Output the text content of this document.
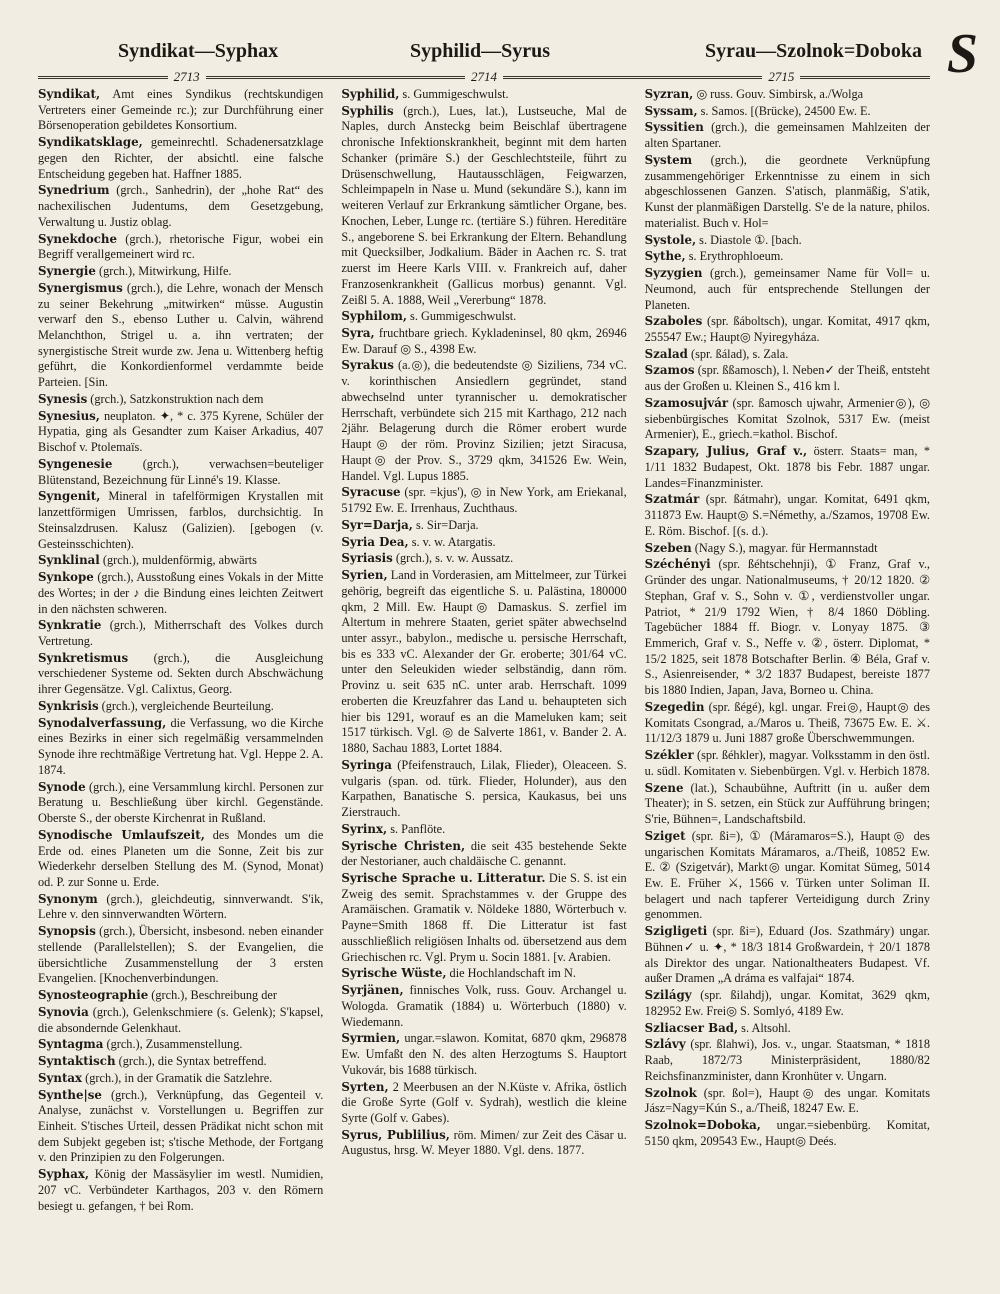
S
Syndikat—Syphax	Syphilid—Syrus	Syrau—Szolnok=Doboka
2713	2714	2715

Syndikat, Amt eines Syndikus (rechtskundigen Vertreters einer Gemeinde rc.); zur Durchführung einer Börsenoperation gebildetes Konsortium.

Syndikatsklage, gemeinrechtl. Schadenersatzklage gegen den Richter, der absichtl. eine falsche Entscheidung gegeben hat. Haffner 1885.

Synedrium (grch., Sanhedrin), der „hohe Rat“ des nachexilischen Judentums, dem Gesetzgebung, Verwaltung u. Justiz oblag.

Synekdoche (grch.), rhetorische Figur, wobei ein Begriff verallgemeinert wird rc.

Synergie (grch.), Mitwirkung, Hilfe.

Synergismus (grch.), die Lehre, wonach der Mensch zu seiner Bekehrung „mitwirken“ müsse. Augustin verwarf den S., ebenso Luther u. Calvin, während Melanchthon, Strigel u. a. ihn vertraten; der synergistische Streit wurde zw. Jena u. Wittenberg heftig geführt, die Konkordienformel verdammte beide Parteien. [Sin.

Synesis (grch.), Satzkonstruktion nach dem

Synesius, neuplaton. ✦, * c. 375 Kyrene, Schüler der Hypatia, ging als Gesandter zum Kaiser Arkadius, 407 Bischof v. Ptolemaïs.

Syngenesie (grch.), verwachsen=beuteliger Blütenstand, Bezeichnung für Linné's 19. Klasse.

Syngenit, Mineral in tafelförmigen Krystallen mit lanzettförmigen Umrissen, farblos, durchsichtig. In Steinsalzdrusen. Kalusz (Galizien). [gebogen (v. Gesteinsschichten).

Synklinal (grch.), muldenförmig, abwärts

Synkope (grch.), Ausstoßung eines Vokals in der Mitte des Wortes; in der ♪ die Bindung eines leichten Zeitwert in den nächsten schweren.

Synkratie (grch.), Mitherrschaft des Volkes durch Vertretung.

Synkretismus (grch.), die Ausgleichung verschiedener Systeme od. Sekten durch Abschwächung ihrer Gegensätze. Vgl. Calixtus, Georg.

Synkrisis (grch.), vergleichende Beurteilung.

Synodalverfassung, die Verfassung, wo die Kirche eines Bezirks in einer sich regelmäßig versammelnden Synode ihre rechtmäßige Vertretung hat. Vgl. Heppe 2. A. 1874.

Synode (grch.), eine Versammlung kirchl. Personen zur Beratung u. Beschließung über kirchl. Gegenstände. Oberste S., der oberste Kirchenrat in Rußland.

Synodische Umlaufszeit, des Mondes um die Erde od. eines Planeten um die Sonne, Zeit bis zur Wiederkehr derselben Stellung des M. (Synod, Monat) od. P. zur Sonne u. Erde.

Synonym (grch.), gleichdeutig, sinnverwandt. S'ik, Lehre v. den sinnverwandten Wörtern.

Synopsis (grch.), Übersicht, insbesond. neben einander stellende (Parallelstellen); S. der Evangelien, die übersichtliche Zusammenstellung der 3 ersten Evangelien. [Knochenverbindungen.

Synosteographie (grch.), Beschreibung der

Synovia (grch.), Gelenkschmiere (s. Gelenk); S'kapsel, die absondernde Gelenkhaut.

Syntagma (grch.), Zusammenstellung.

Syntaktisch (grch.), die Syntax betreffend.

Syntax (grch.), in der Gramatik die Satzlehre.

Synthe|se (grch.), Verknüpfung, das Gegenteil v. Analyse, zunächst v. Vorstellungen u. Begriffen zur Einheit. S'tisches Urteil, dessen Prädikat nicht schon mit dem Subjekt gegeben ist; s'tische Methode, der Fortgang v. den Prinzipien zu den Folgerungen.

Syphax, König der Massäsylier im westl. Numidien, 207 vC. Verbündeter Karthagos, 203 v. den Römern besiegt u. gefangen, † bei Rom.

Syphilid, s. Gummigeschwulst.

Syphilis (grch.), Lues, lat.), Lustseuche, Mal de Naples, durch Ansteckg beim Beischlaf übertragene chronische Infektionskrankheit, beginnt mit dem harten Schanker (primäre S.) der Geschlechtsteile, führt zu Drüsenschwellung, Hautausschlägen, Feigwarzen, Schleimpapeln in Nase u. Mund (sekundäre S.), kann im weiteren Verlauf zur Erkrankung sämtlicher Organe, bes. Knochen, Leber, Lunge rc. (tertiäre S.) führen. Hereditäre S., angeborene S. bei Erkrankung der Eltern. Behandlung mit Quecksilber, Jodkalium. Bäder in Aachen rc. S. trat zuerst im Heere Karls VIII. v. Frankreich auf, daher Franzosenkrankheit (Gallicus morbus) genannt. Vgl. Zeißl 5. A. 1888, Weil „Vererbung“ 1878.

Syphilom, s. Gummigeschwulst.

Syra, fruchtbare griech. Kykladeninsel, 80 qkm, 26946 Ew. Darauf ◎ S., 4398 Ew.

Syrakus (a.◎), die bedeutendste ◎ Siziliens, 734 vC. v. korinthischen Ansiedlern gegründet, stand abwechselnd unter tyrannischer u. demokratischer Herrschaft, verbündete sich 215 mit Karthago, 212 nach 2jähr. Belagerung durch die Römer erobert wurde Haupt◎ der röm. Provinz Sizilien; jetzt Siracusa, Haupt◎ der Prov. S., 3729 qkm, 341526 Ew. Wein, Handel. Vgl. Lupus 1885.

Syracuse (spr. =kjus'), ◎ in New York, am Eriekanal, 51792 Ew. E. Irrenhaus, Zuchthaus.

Syr=Darja, s. Sir=Darja.

Syria Dea, s. v. w. Atargatis.

Syriasis (grch.), s. v. w. Aussatz.

Syrien, Land in Vorderasien, am Mittelmeer, zur Türkei gehörig, begreift das eigentliche S. u. Palästina, 180000 qkm, 2 Mill. Ew. Haupt◎ Damaskus. S. zerfiel im Altertum in mehrere Staaten, geriet später abwechselnd unter assyr., babylon., medische u. persische Herrschaft, bis es 333 vC. Alexander der Gr. eroberte; 301/64 vC. unter den Seleukiden wieder selbständig, dann röm. Provinz u. seit 635 nC. unter arab. Herrschaft. 1099 eroberten die Kreuzfahrer das Land u. behaupteten sich hier bis 1291, worauf es an die Mameluken kam; seit 1517 türkisch. Vgl. ◎ de Salverte 1861, v. Bander 2. A. 1880, Sachau 1883, Lortet 1884.

Syringa (Pfeifenstrauch, Lilak, Flieder), Oleaceen. S. vulgaris (span. od. türk. Flieder, Holunder), aus den Karpathen, Banatische S. persica, Kaukasus, bei uns Zierstrauch.

Syrinx, s. Panflöte.

Syrische Christen, die seit 435 bestehende Sekte der Nestorianer, auch chaldäische C. genannt.

Syrische Sprache u. Litteratur. Die S. S. ist ein Zweig des semit. Sprachstammes v. der Gruppe des Aramäischen. Gramatik v. Nöldeke 1880, Wörterbuch v. Payne=Smith 1868 ff. Die Litteratur ist fast ausschließlich religiösen Inhalts od. übersetzend aus dem Griechischen rc. Vgl. Prym u. Socin 1881. [v. Arabien.

Syrische Wüste, die Hochlandschaft im N.

Syrjänen, finnisches Volk, russ. Gouv. Archangel u. Wologda. Gramatik (1884) u. Wörterbuch (1880) v. Wiedemann.

Syrmien, ungar.=slawon. Komitat, 6870 qkm, 296878 Ew. Umfaßt den N. des alten Herzogtums S. Hauptort Vukovár, bis 1688 türkisch.

Syrten, 2 Meerbusen an der N.Küste v. Afrika, östlich die Große Syrte (Golf v. Sydrah), westlich die kleine Syrte (Golf v. Gabes).

Syrus, Publilius, röm. Mimen/ zur Zeit des Cäsar u. Augustus, hrsg. W. Meyer 1880. Vgl. dens. 1877.

Syzran, ◎ russ. Gouv. Simbirsk, a./Wolga

Syssam, s. Samos. [(Brücke), 24500 Ew. E.

Syssitien (grch.), die gemeinsamen Mahlzeiten der alten Spartaner.

System (grch.), die geordnete Verknüpfung zusammengehöriger Erkenntnisse zu einem in sich abgeschlossenen Ganzen. S'atisch, planmäßig, S'atik, Kunst der planmäßigen Darstellg. S'e de la nature, philos. materialist. Buch v. Hol=

Systole, s. Diastole ①. [bach.

Sythe, s. Erythrophloeum.

Syzygien (grch.), gemeinsamer Name für Voll= u. Neumond, auch für entsprechende Stellungen der Planeten.

Szaboles (spr. ßáboltsch), ungar. Komitat, 4917 qkm, 255547 Ew.; Haupt◎ Nyiregyháza.

Szalad (spr. ßálad), s. Zala.

Szamos (spr. ßßamosch), l. Neben✓ der Theiß, entsteht aus der Großen u. Kleinen S., 416 km l.

Szamosujvár (spr. ßamosch ujwahr, Armenier◎), ◎ siebenbürgisches Komitat Szolnok, 5317 Ew. (meist Armenier), E., griech.=kathol. Bischof.

Szapary, Julius, Graf v., österr. Staats= man, * 1/11 1832 Budapest, Okt. 1878 bis Febr. 1887 ungar. Landes=Finanzminister.

Szatmár (spr. ßátmahr), ungar. Komitat, 6491 qkm, 311873 Ew. Haupt◎ S.=Némethy, a./Szamos, 19708 Ew. E. Röm. Bischof. [(s. d.).

Szeben (Nagy S.), magyar. für Hermannstadt

Széchényi (spr. ßéhtschehnji), ① Franz, Graf v., Gründer des ungar. Nationalmuseums, † 20/12 1820. ② Stephan, Graf v. S., Sohn v. ①, verdienstvoller ungar. Patriot, * 21/9 1792 Wien, † 8/4 1860 Döbling. Tagebücher 1884 ff. Biogr. v. Lonyay 1875. ③ Emmerich, Graf v. S., Neffe v. ②, österr. Diplomat, * 15/2 1825, seit 1878 Botschafter Berlin. ④ Béla, Graf v. S., Asienreisender, * 3/2 1837 Budapest, bereiste 1877 bis 1880 Indien, Japan, Java, Borneo u. China.

Szegedin (spr. ßégé), kgl. ungar. Frei◎, Haupt◎ des Komitats Csongrad, a./Maros u. Theiß, 73675 Ew. E. ⚔. 11/12/3 1879 u. Juni 1887 große Überschwemmungen.

Székler (spr. ßéhkler), magyar. Volksstamm in den östl. u. südl. Komitaten v. Siebenbürgen. Vgl. v. Herbich 1878.

Szene (lat.), Schaubühne, Auftritt (in u. außer dem Theater); in S. setzen, ein Stück zur Aufführung bringen; S'rie, Bühnen=, Landschaftsbild.

Sziget (spr. ßi=), ① (Máramaros=S.), Haupt◎ des ungarischen Komitats Máramaros, a./Theiß, 10852 Ew. E. ② (Szigetvár), Markt◎ ungar. Komitat Sümeg, 5014 Ew. E. Früher ⚔, 1566 v. Türken unter Soliman II. belagert und nach tapferer Verteidigung durch Zriny genommen.

Szigligeti (spr. ßi=), Eduard (Jos. Szathmáry) ungar. Bühnen✓ u. ✦, * 18/3 1814 Großwardein, † 20/1 1878 als Direktor des ungar. Nationaltheaters Budapest. Vf. außer Dramen „A dráma es valfajai“ 1874.

Szilágy (spr. ßilahdj), ungar. Komitat, 3629 qkm, 182952 Ew. Frei◎ S. Somlyó, 4189 Ew.

Szliacser Bad, s. Altsohl.

Szlávy (spr. ßlahwi), Jos. v., ungar. Staatsman, * 1818 Raab, 1872/73 Ministerpräsident, 1880/82 Reichsfinanzminister, dann Kronhüter v. Ungarn.

Szolnok (spr. ßol=), Haupt◎ des ungar. Komitats Jász=Nagy=Kún S., a./Theiß, 18247 Ew. E.

Szolnok=Doboka, ungar.=siebenbürg. Komitat, 5150 qkm, 209543 Ew., Haupt◎ Deés.
